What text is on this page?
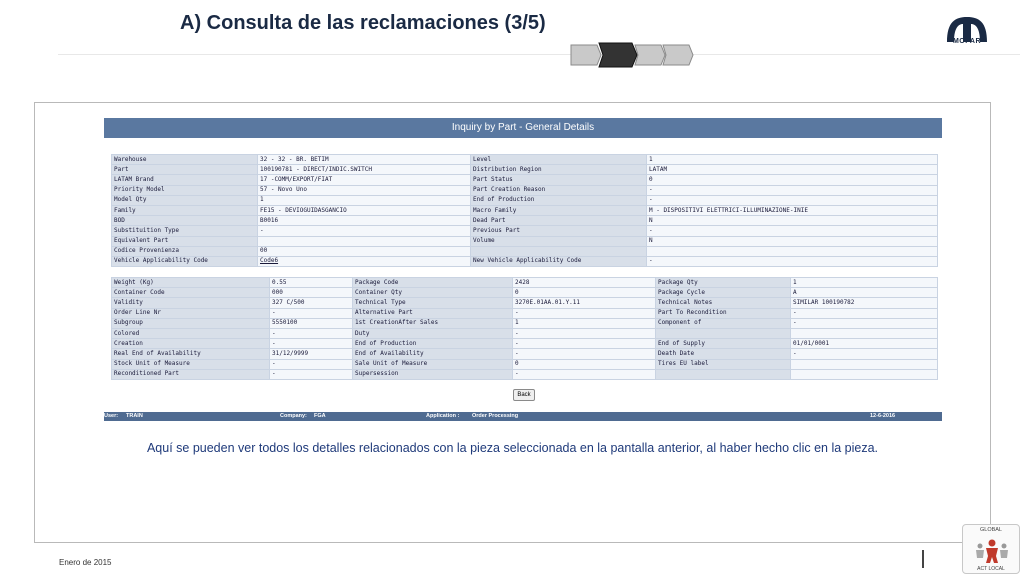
A) Consulta de las reclamaciones (3/5)
MOPAR
Inquiry by Part - General Details
Warehouse	32 - 32 - BR. BETIM	Level	1
Part	100190781 - DIRECT/INDIC.SWITCH	Distribution Region	LATAM
LATAM Brand	17 -COMM/EXPORT/FIAT	Part Status	0
Priority Model	57 - Novo Uno	Part Creation Reason	-
Model Qty	1	End of Production	-
Family	FE15 - DEVIOGUIDASGANCIO	Macro Family	M - DISPOSITIVI ELETTRICI-ILLUMINAZIONE-INIE
BOD	B0016	Dead Part	N
Substituition Type	-	Previous Part	-
Equivalent Part		Volume	N
Codice Provenienza	00		
Vehicle Applicability Code	Code6	New Vehicle Applicability Code	-
Weight (Kg)	0.55	Package Code	2428	Package Qty	1
Container Code	000	Container Qty	0	Package Cycle	A
Validity	327 C/500	Technical Type	3270E.01AA.01.Y.11	Technical Notes	SIMILAR 100190782
Order Line Nr	-	Alternative Part	-	Part To Recondition	-
Subgroup	5550100	1st CreationAfter Sales	1	Component of	-
Colored	-	Duty	-		
Creation	-	End of Production	-	End of Supply	01/01/0001
Real End of Availability	31/12/9999	End of Availability	-	Death Date	-
Stock Unit of Measure	-	Sale Unit of Measure	0	Tires EU label	
Reconditioned Part	-	Supersession	-		
Back
User: TRAIN	Company: FGA	Application : Order Processing	12-6-2016
Aquí se pueden ver todos los detalles relacionados con la pieza seleccionada en la pantalla anterior, al haber hecho clic en la pieza.
Enero de 2015
GLOBAL
ACT LOCAL
